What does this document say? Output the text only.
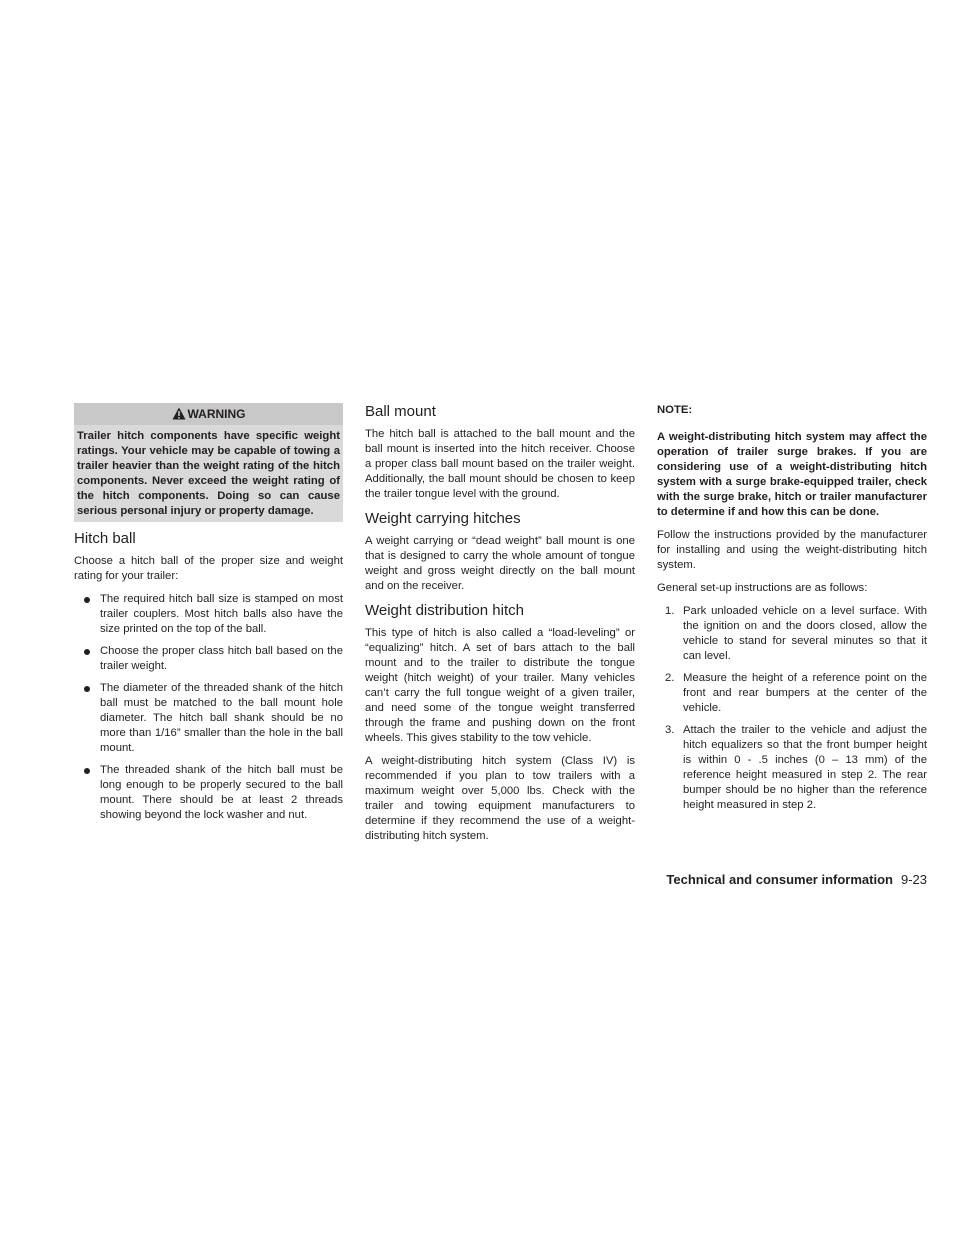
WARNING
Trailer hitch components have specific weight ratings. Your vehicle may be capable of towing a trailer heavier than the weight rating of the hitch components. Never exceed the weight rating of the hitch components. Doing so can cause serious personal injury or property damage.
Hitch ball

Choose a hitch ball of the proper size and weight rating for your trailer:

The required hitch ball size is stamped on most trailer couplers. Most hitch balls also have the size printed on the top of the ball.
Choose the proper class hitch ball based on the trailer weight.
The diameter of the threaded shank of the hitch ball must be matched to the ball mount hole diameter. The hitch ball shank should be no more than 1/16” smaller than the hole in the ball mount.
The threaded shank of the hitch ball must be long enough to be properly secured to the ball mount. There should be at least 2 threads showing beyond the lock washer and nut.
Ball mount

The hitch ball is attached to the ball mount and the ball mount is inserted into the hitch receiver. Choose a proper class ball mount based on the trailer weight. Additionally, the ball mount should be chosen to keep the trailer tongue level with the ground.

Weight carrying hitches

A weight carrying or “dead weight” ball mount is one that is designed to carry the whole amount of tongue weight and gross weight directly on the ball mount and on the receiver.

Weight distribution hitch

This type of hitch is also called a “load-leveling” or “equalizing” hitch. A set of bars attach to the ball mount and to the trailer to distribute the tongue weight (hitch weight) of your trailer. Many vehicles can’t carry the full tongue weight of a given trailer, and need some of the tongue weight transferred through the frame and pushing down on the front wheels. This gives stability to the tow vehicle.

A weight-distributing hitch system (Class IV) is recommended if you plan to tow trailers with a maximum weight over 5,000 lbs. Check with the trailer and towing equipment manufacturers to determine if they recommend the use of a weight-distributing hitch system.

NOTE:

A weight-distributing hitch system may affect the operation of trailer surge brakes. If you are considering use of a weight-distributing hitch system with a surge brake-equipped trailer, check with the surge brake, hitch or trailer manufacturer to determine if and how this can be done.

Follow the instructions provided by the manufacturer for installing and using the weight-distributing hitch system.

General set-up instructions are as follows:

1. Park unloaded vehicle on a level surface. With the ignition on and the doors closed, allow the vehicle to stand for several minutes so that it can level.
2. Measure the height of a reference point on the front and rear bumpers at the center of the vehicle.
3. Attach the trailer to the vehicle and adjust the hitch equalizers so that the front bumper height is within 0 - .5 inches (0 – 13 mm) of the reference height measured in step 2. The rear bumper should be no higher than the reference height measured in step 2.
Technical and consumer information 9-23
